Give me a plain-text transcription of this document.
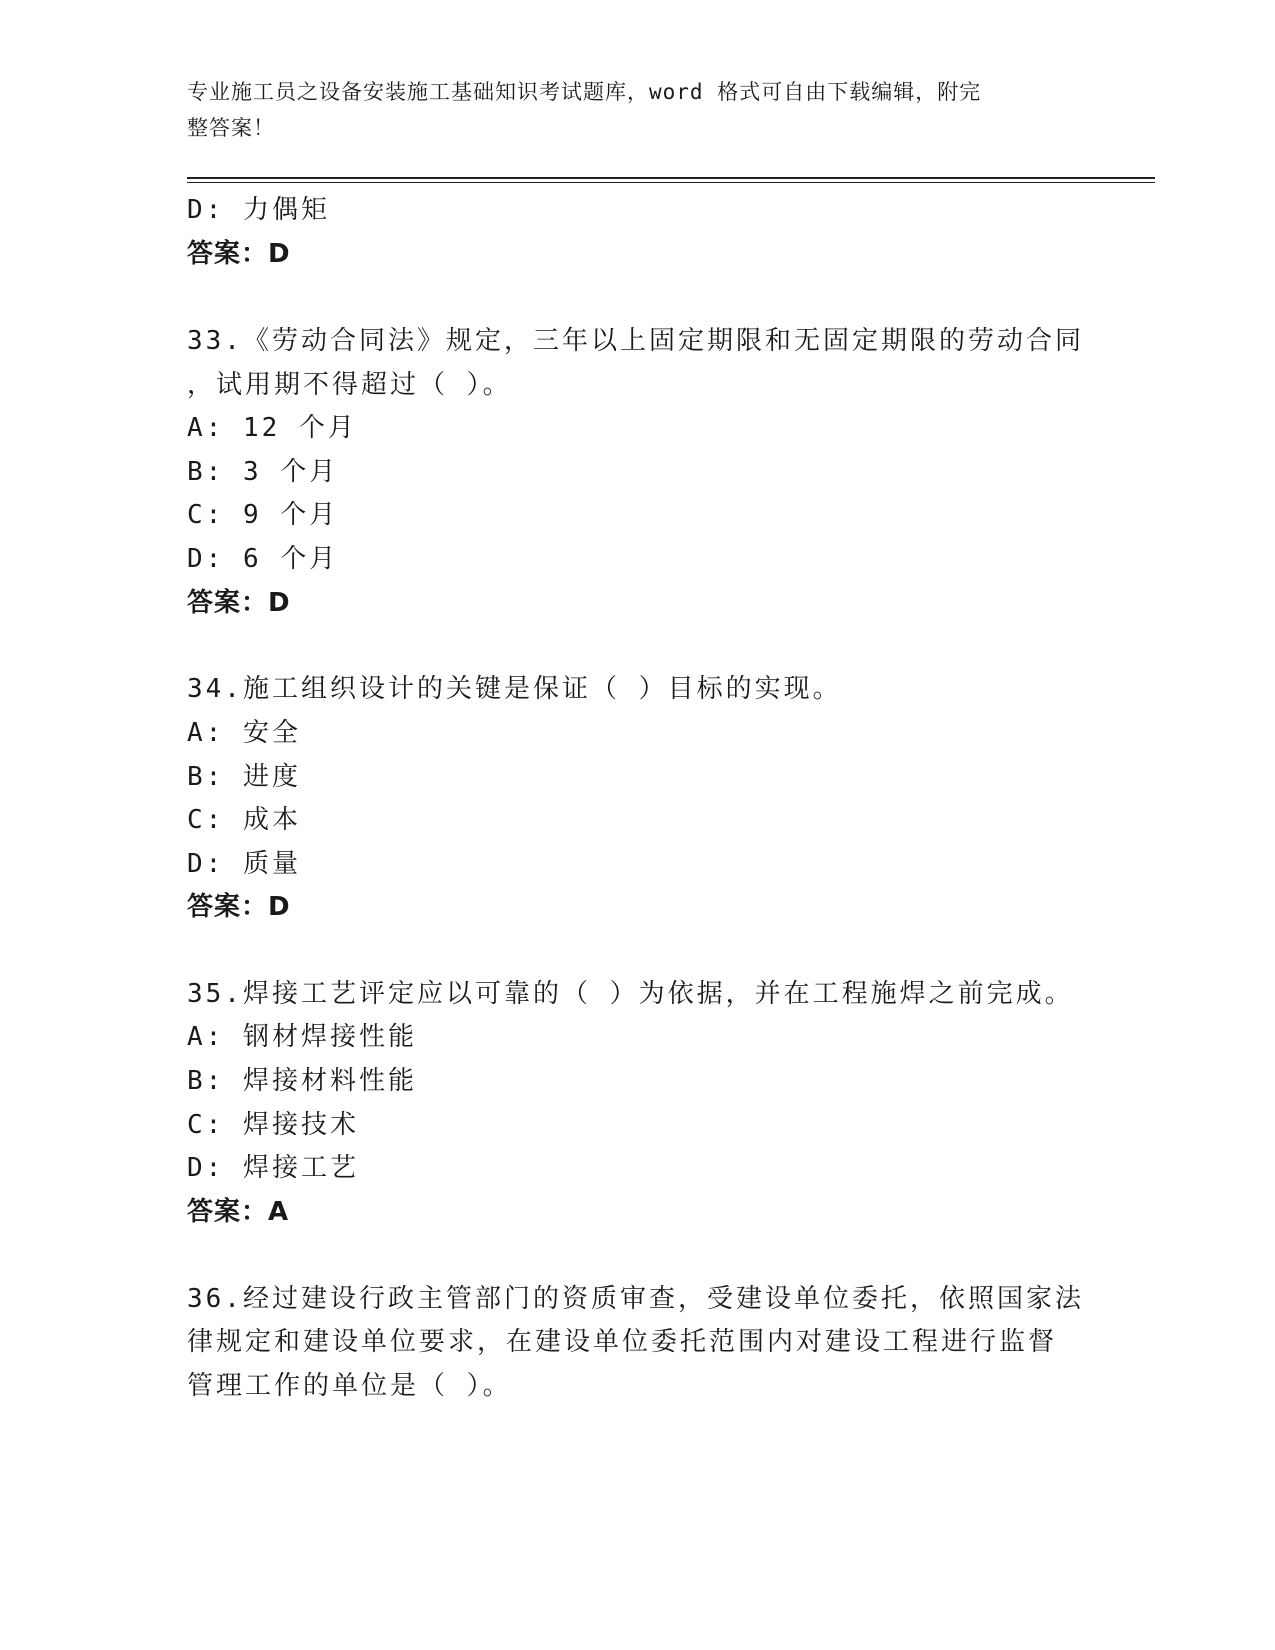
专业施工员之设备安装施工基础知识考试题库，word 格式可自由下载编辑，附完
整答案！
D: 力偶矩
答案：D
33.《劳动合同法》规定，三年以上固定期限和无固定期限的劳动合同
，试用期不得超过（ ）。
A: 12 个月
B: 3 个月
C: 9 个月
D: 6 个月
答案：D
34.施工组织设计的关键是保证（ ）目标的实现。
A: 安全
B: 进度
C: 成本
D: 质量
答案：D
35.焊接工艺评定应以可靠的（ ）为依据，并在工程施焊之前完成。
A: 钢材焊接性能
B: 焊接材料性能
C: 焊接技术
D: 焊接工艺
答案：A
36.经过建设行政主管部门的资质审查，受建设单位委托，依照国家法
律规定和建设单位要求，在建设单位委托范围内对建设工程进行监督
管理工作的单位是（ ）。
